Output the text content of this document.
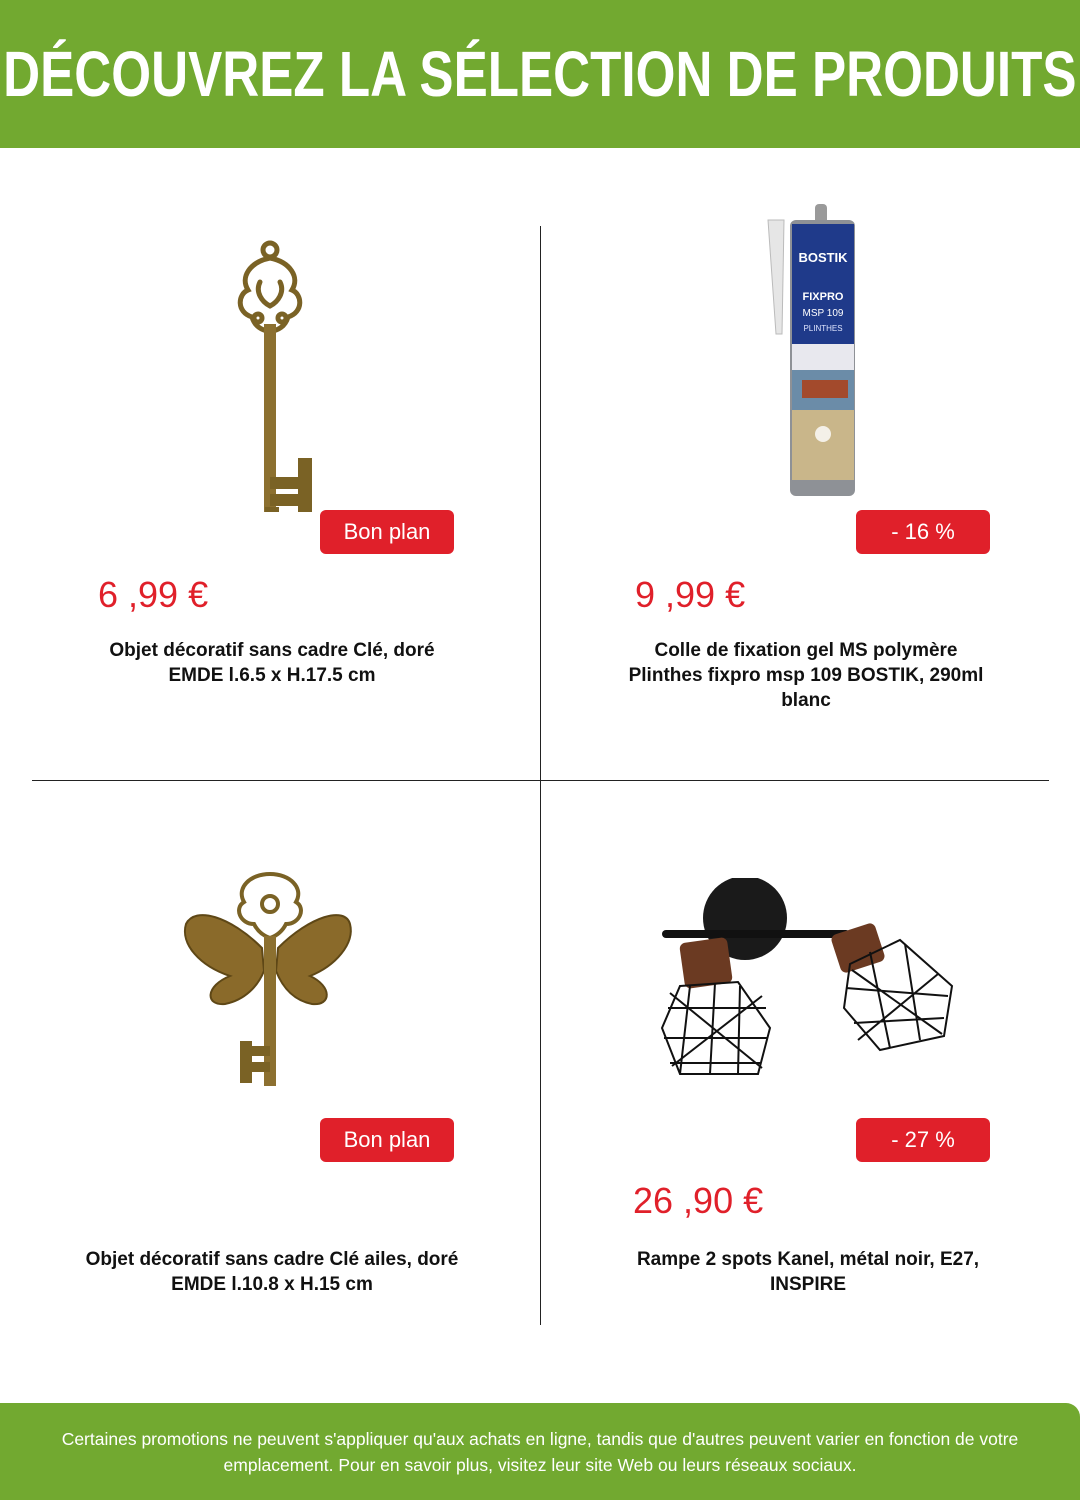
DÉCOUVREZ LA SÉLECTION DE PRODUITS
Bon plan
6 ,99 €
Objet décoratif sans cadre Clé, doré EMDE l.6.5 x H.17.5 cm
BOSTIK
FIXPRO
MSP 109
PLINTHES
- 16 %
9 ,99 €
Colle de fixation gel MS polymère Plinthes fixpro msp 109 BOSTIK, 290ml blanc
Bon plan
Objet décoratif sans cadre Clé ailes, doré EMDE l.10.8 x H.15 cm
- 27 %
26 ,90 €
Rampe 2 spots Kanel, métal noir, E27, INSPIRE

Certaines promotions ne peuvent s'appliquer qu'aux achats en ligne, tandis que d'autres peuvent varier en fonction de votre emplacement. Pour en savoir plus, visitez leur site Web ou leurs réseaux sociaux.
